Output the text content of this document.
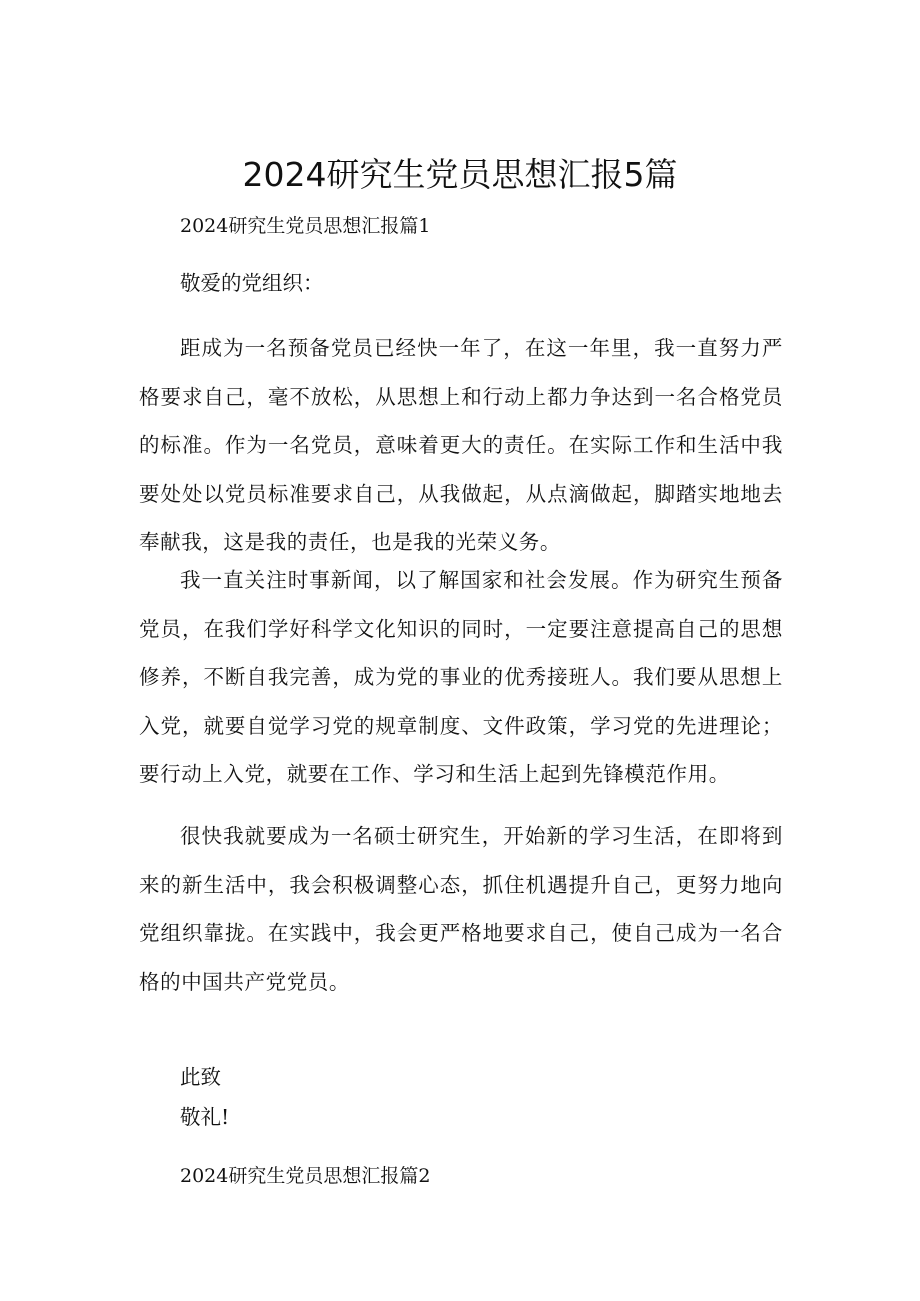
2024研究生党员思想汇报5篇
2024研究生党员思想汇报篇1
敬爱的党组织：
距成为一名预备党员已经快一年了，在这一年里，我一直努力严格要求自己，毫不放松，从思想上和行动上都力争达到一名合格党员的标准。作为一名党员，意味着更大的责任。在实际工作和生活中我要处处以党员标准要求自己，从我做起，从点滴做起，脚踏实地地去奉献我，这是我的责任，也是我的光荣义务。
我一直关注时事新闻，以了解国家和社会发展。作为研究生预备党员，在我们学好科学文化知识的同时，一定要注意提高自己的思想修养，不断自我完善，成为党的事业的优秀接班人。我们要从思想上入党，就要自觉学习党的规章制度、文件政策，学习党的先进理论；要行动上入党，就要在工作、学习和生活上起到先锋模范作用。
很快我就要成为一名硕士研究生，开始新的学习生活，在即将到来的新生活中，我会积极调整心态，抓住机遇提升自己，更努力地向党组织靠拢。在实践中，我会更严格地要求自己，使自己成为一名合格的中国共产党党员。
此致
敬礼!
2024研究生党员思想汇报篇2
